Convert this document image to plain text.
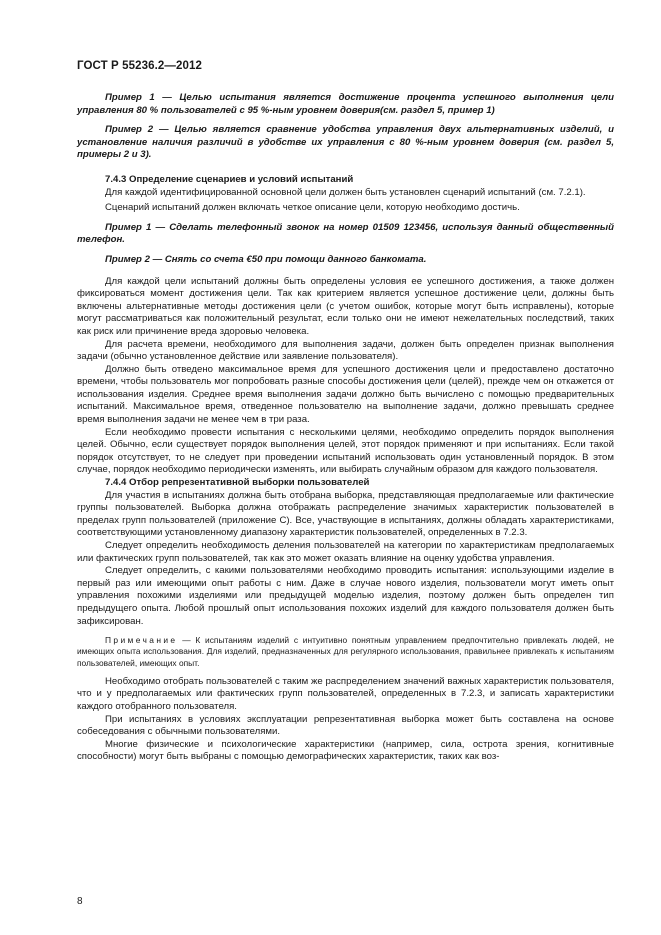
ГОСТ Р 55236.2—2012

Пример 1 — Целью испытания является достижение процента успешного выполнения цели управления 80 % пользователей с 95 %-ным уровнем доверия(см. раздел 5, пример 1)

Пример 2 — Целью является сравнение удобства управления двух альтернативных изделий, и установление наличия различий в удобстве их управления с 80 %-ным уровнем доверия (см. раздел 5, примеры 2 и 3).

7.4.3 Определение сценариев и условий испытаний

Для каждой идентифицированной основной цели должен быть установлен сценарий испытаний (см. 7.2.1).

Сценарий испытаний должен включать четкое описание цели, которую необходимо достичь.

Пример 1 — Сделать телефонный звонок на номер 01509 123456, используя данный общественный телефон.

Пример 2 — Снять со счета €50 при помощи данного банкомата.

Для каждой цели испытаний должны быть определены условия ее успешного достижения, а также должен фиксироваться момент достижения цели. Так как критерием является успешное достижение цели, должны быть включены альтернативные методы достижения цели (с учетом ошибок, которые могут быть исправлены), которые могут рассматриваться как положительный результат, если только они не имеют нежелательных последствий, таких как риск или причинение вреда здоровью человека.

Для расчета времени, необходимого для выполнения задачи, должен быть определен признак выполнения задачи (обычно установленное действие или заявление пользователя).

Должно быть отведено максимальное время для успешного достижения цели и предоставлено достаточно времени, чтобы пользователь мог попробовать разные способы достижения цели (целей), прежде чем он откажется от использования изделия. Среднее время выполнения задачи должно быть вычислено с помощью предварительных испытаний. Максимальное время, отведенное пользователю на выполнение задачи, должно превышать среднее время выполнения задачи не менее чем в три раза.

Если необходимо провести испытания с несколькими целями, необходимо определить порядок выполнения целей. Обычно, если существует порядок выполнения целей, этот порядок применяют и при испытаниях. Если такой порядок отсутствует, то не следует при проведении испытаний использовать один установленный порядок. В этом случае, порядок необходимо периодически изменять, или выбирать случайным образом для каждого пользователя.

7.4.4 Отбор репрезентативной выборки пользователей

Для участия в испытаниях должна быть отобрана выборка, представляющая предполагаемые или фактические группы пользователей. Выборка должна отображать распределение значимых характеристик пользователей в пределах групп пользователей (приложение С). Все, участвующие в испытаниях, должны обладать характеристиками, соответствующими установленному диапазону характеристик пользователей, определенных в 7.2.3.

Следует определить необходимость деления пользователей на категории по характеристикам предполагаемых или фактических групп пользователей, так как это может оказать влияние на оценку удобства управления.

Следует определить, с какими пользователями необходимо проводить испытания: использующими изделие в первый раз или имеющими опыт работы с ним. Даже в случае нового изделия, пользователи могут иметь опыт управления похожими изделиями или предыдущей моделью изделия, поэтому должен быть определен тип предыдущего опыта. Любой прошлый опыт использования похожих изделий для каждого пользователя должен быть зафиксирован.

Примечание — К испытаниям изделий с интуитивно понятным управлением предпочтительно привлекать людей, не имеющих опыта использования. Для изделий, предназначенных для регулярного использования, правильнее привлекать к испытаниям пользователей, имеющих опыт.

Необходимо отобрать пользователей с таким же распределением значений важных характеристик пользователя, что и у предполагаемых или фактических групп пользователей, определенных в 7.2.3, и записать характеристики каждого отобранного пользователя.

При испытаниях в условиях эксплуатации репрезентативная выборка может быть составлена на основе собеседования с обычными пользователями.

Многие физические и психологические характеристики (например, сила, острота зрения, когнитивные способности) могут быть выбраны с помощью демографических характеристик, таких как воз-

8
